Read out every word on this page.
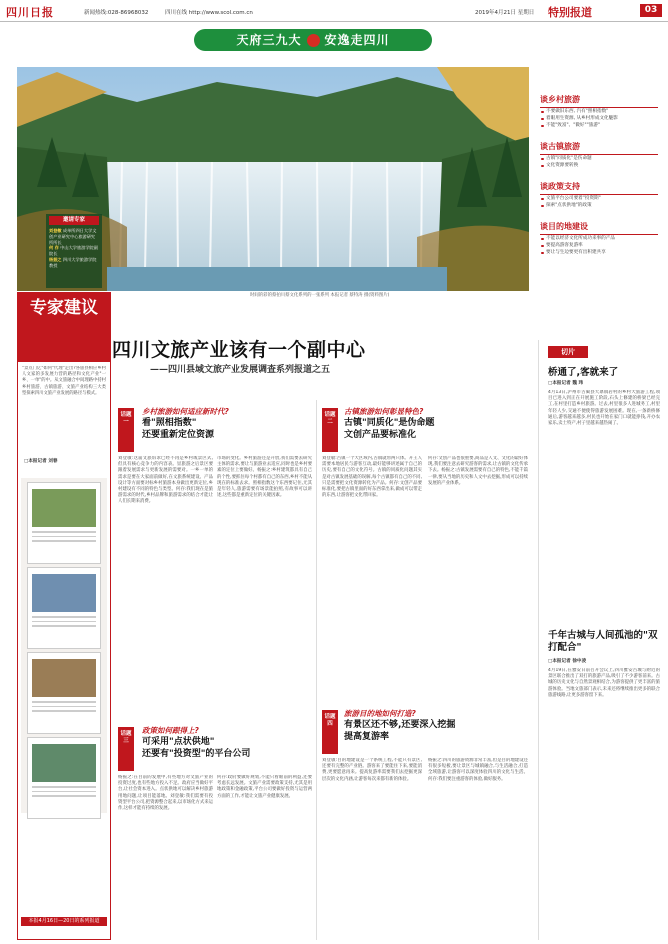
四川日报	新闻热线:028-86968032	四川在线 http://www.scol.com.cn	2019年4月21日 星期日 特别报道	03
天府三九大 安逸走四川
邀请专家
刘登敏 成单所四日大学文创产业研究中心旅游研究所所长
何 存 中山大学旅游学院副院长
杨振之 四川大学旅游学院教授
时间的彩的蔡拍川蔡文化系列的一张系列 本报记者 蔡特涛 摄(资料图片)
谈乡村旅游
不要做旧东西, 汽有"照相指数"
着眼用生资源, 从乡村形成文化魅影
不能"致富"、"微好""旅游"
谈古镇旅游
古镇"同质化"是伤命题
文化资源要转换
谈政策支持
文旅平台公司要着"投资期"
探索"点状供地"的政策
谈目的地建设
不能以经济文化所成功来事的产品
要提高游客复游率
要让与生边要更有出积建共享
专家建议
"景点门亿"如何"代理"走出?各旅县相应乡村人文家的多发展力营的路径和文化产业"一乡、一单"的中。从文旅融合中间理路中持村乡村旅游、古镇旅游、文旅产业结构三大类型探索四川文旅产业发展的路径与模式。
□本报记者 刘春
本报4月16日—20日的系列报道
四川文旅产业该有一个副中心
——四川县域文旅产业发展调查系列报道之五
话题一
乡村旅游如何适应新时代?
看"照相指数"
还要重新定位资源
刘登敏:这届文旅诉求已经不再是乡村或景区式,但具有核心竞争力的内容表。显旅游之后景区要跟着发展需求与更新发展的需要对。一乡一单的需求是要在大家面前做好,在文旅系统建设、产品设计等方面要对标乡村旅游本身做出更新定位,乡村建设有不同的特色与类型。何存:我们现在是旅游需求的时代,乡村品牌和旅游需求的结合才能让人们长期来消费。
市场的变化。乡村旅游还是开放,我们需要去研究主体的需求,要让与旅游业去适应,同时也是乡村要素的定位上要做好。杨振之:乡村建筑都具有自己的个性,要抓住每个村都有自己的东西,乡村不能从现在的标准去求。照相指数这个东西要记住,尤其是年轻人,旅游需要有场景能拍照,有故事可以讲述,这些都是重新定位的关键因素。
话题二
古镇旅游如何彰显特色?
古镇"同质化"是伪命题
文创产品要标准化
刘登敏:古镇一个大区域内,古镇就带两只体。开王人需要本地居民与游客互动,最好能够讲述属于自己的历史,要有自己的文化符号。古镇的同质化问题其实是对古镇发展基础的误解,每个古镇都有自己的不同,只是需要把文化资源转化为产品。何存:文创产品要标准化,要把古镇里面的好东西拿出来,做成可以带走的东西,让游客把文化带回家。
何存:文创产品也很重要,商品是人文、文化的最好体现,我们要注意去研究游客的需求,让古镇的文化传承下去。杨振之:古镇发展需要有自己的特色,不能千篇一律,要从当地的历史和人文中去挖掘,形成可以持续发展的产业体系。
话题三
政策如何跟得上?
可采用"点状供地"
还要有"投资型"的平台公司
杨振之:在目前的发展中,有些地方对文旅产业的投资过度,也有些地方投入不足。政府应当做好平台,让社会资本进入。点状供地可以解决乡村旅游用地问题,让项目能落地。刘登敏:我们需要有投资型平台公司,把资源整合起来,以市场化方式来运作,这样才能有持续的发展。
何存:政府要做好规划,不能只看眼前的利益,还要考虑长远发展。文旅产业需要政策支持,尤其是用地政策和金融政策,平台公司要做好投资与运营两方面的工作,才能让文旅产业健康发展。
话题四
旅游目的地如何打造?
有景区还不够,还要深入挖掘
提高复游率
刘登敏:目的地建设是一个系统工程,不能只有景区,还要有完整的产业链。游客来了要能住下来,要能消费,更要愿意再来。提高复游率需要我们去挖掘更深层次的文化内涵,让游客每次来都有新的体验。
杨振之:四川的旅游资源非常丰富,但是目的地建设还有很多短板,要让景区与城镇融合,与生活融合,打造全域旅游,让游客可以深度体验四川的文化与生活。何存:我们要注重游客的体验,做好服务。
切片
桥通了,客就来了
□本报记者 魏 玮
4月13日,泸州市古蔺县大寨镇岩村的乡村大旅游工程,项目已进入到正在开展施工阶段,石头上修建的桥梁已经完工,在村里打造乡村旅游。过去,村里很多人进城务工,村里年轻人少,交通不便使得旅游发展困难。现在,一条新桥修通后,游客越来越多,村民也开始在家门口就能挣钱,开办农家乐,卖土特产,村子里越来越热闹了。
千年古城与人间孤池的"双打配合"
□本报记者 徐中凌
4月19日,在雅安日前召开会议上,四川雅安古城与附近的景区联合推出了双打的旅游产品,吸引了不少游客前来。古城的历史文化与自然景观相结合,为游客提供了更丰富的旅游体验。当地文旅部门表示,未来还将继续推出更多的联合旅游线路,让更多游客留下来。
